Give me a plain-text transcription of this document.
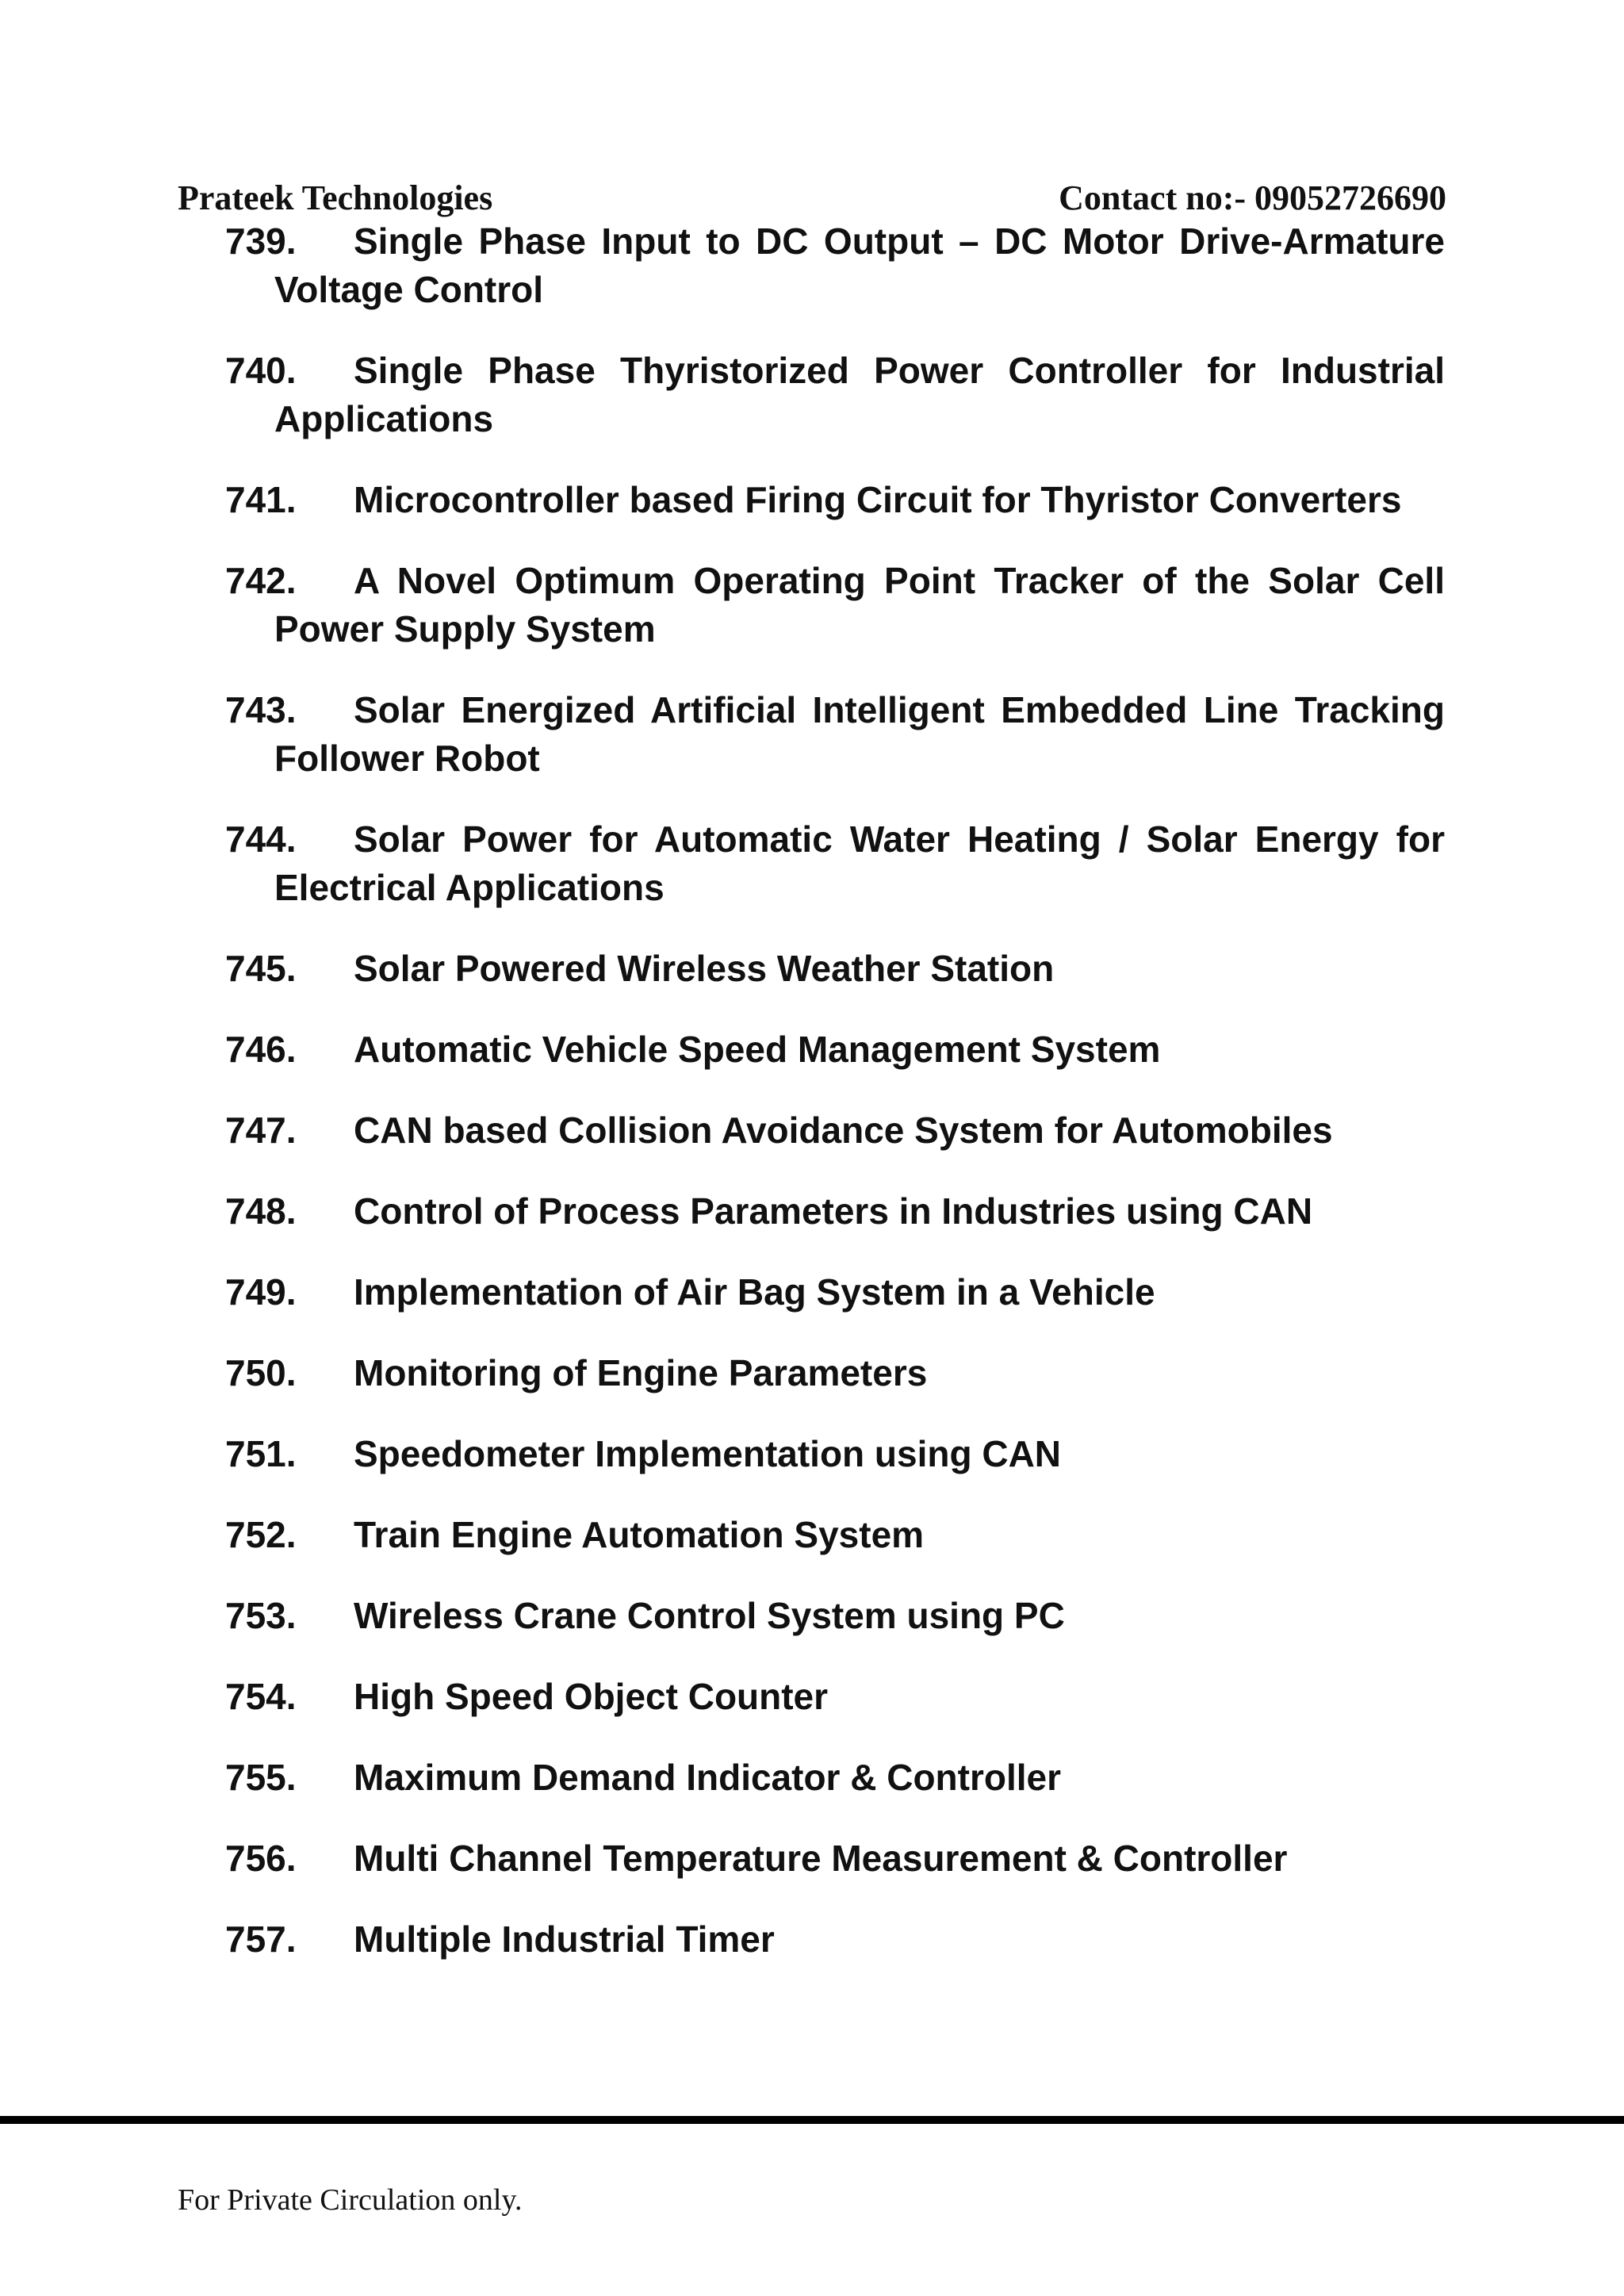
Prateek Technologies	Contact no:- 09052726690
739. Single Phase Input to DC Output – DC Motor Drive-Armature Voltage Control
740. Single Phase Thyristorized Power Controller for Industrial Applications
741. Microcontroller based Firing Circuit for Thyristor Converters
742. A Novel Optimum Operating Point Tracker of the Solar Cell Power Supply System
743. Solar Energized Artificial Intelligent Embedded Line Tracking Follower Robot
744. Solar Power for Automatic Water Heating / Solar Energy for Electrical Applications
745. Solar Powered Wireless Weather Station
746. Automatic Vehicle Speed Management System
747. CAN based Collision Avoidance System for Automobiles
748. Control of Process Parameters in Industries using CAN
749. Implementation of Air Bag System in a Vehicle
750. Monitoring of Engine Parameters
751. Speedometer Implementation using CAN
752. Train Engine Automation System
753. Wireless Crane Control System using PC
754. High Speed Object Counter
755. Maximum Demand Indicator & Controller
756. Multi Channel Temperature Measurement & Controller
757. Multiple Industrial Timer
For Private Circulation only.
